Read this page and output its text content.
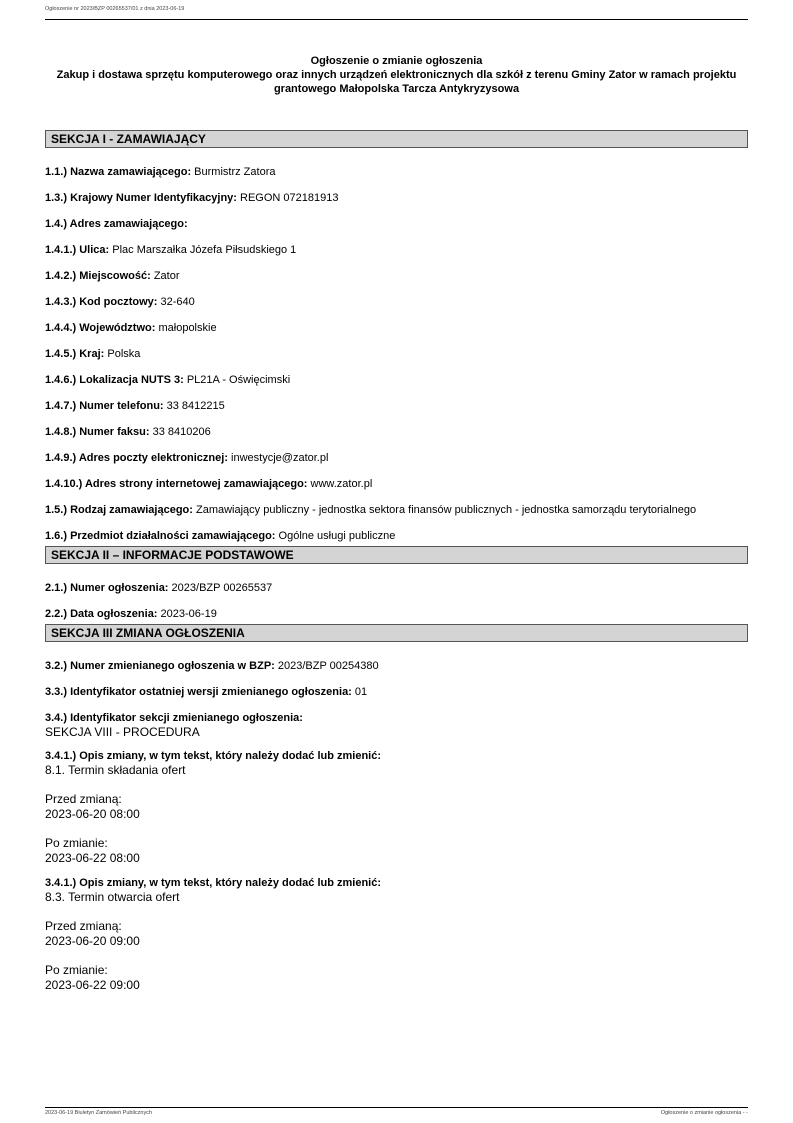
Ogłoszenie nr 2023/BZP 00265537/01 z dnia 2023-06-19
Ogłoszenie o zmianie ogłoszenia
Zakup i dostawa sprzętu komputerowego oraz innych urządzeń elektronicznych dla szkół z terenu Gminy Zator w ramach projektu grantowego Małopolska Tarcza Antykryzysowa
SEKCJA I - ZAMAWIAJĄCY
1.1.) Nazwa zamawiającego: Burmistrz Zatora
1.3.) Krajowy Numer Identyfikacyjny: REGON 072181913
1.4.) Adres zamawiającego:
1.4.1.) Ulica: Plac Marszałka Józefa Piłsudskiego 1
1.4.2.) Miejscowość: Zator
1.4.3.) Kod pocztowy: 32-640
1.4.4.) Województwo: małopolskie
1.4.5.) Kraj: Polska
1.4.6.) Lokalizacja NUTS 3: PL21A - Oświęcimski
1.4.7.) Numer telefonu: 33 8412215
1.4.8.) Numer faksu: 33 8410206
1.4.9.) Adres poczty elektronicznej: inwestycje@zator.pl
1.4.10.) Adres strony internetowej zamawiającego: www.zator.pl
1.5.) Rodzaj zamawiającego: Zamawiający publiczny - jednostka sektora finansów publicznych - jednostka samorządu terytorialnego
1.6.) Przedmiot działalności zamawiającego: Ogólne usługi publiczne
SEKCJA II – INFORMACJE PODSTAWOWE
2.1.) Numer ogłoszenia: 2023/BZP 00265537
2.2.) Data ogłoszenia: 2023-06-19
SEKCJA III ZMIANA OGŁOSZENIA
3.2.) Numer zmienianego ogłoszenia w BZP: 2023/BZP 00254380
3.3.) Identyfikator ostatniej wersji zmienianego ogłoszenia: 01
3.4.) Identyfikator sekcji zmienianego ogłoszenia:
SEKCJA VIII - PROCEDURA
3.4.1.) Opis zmiany, w tym tekst, który należy dodać lub zmienić:
8.1. Termin składania ofert
Przed zmianą:
2023-06-20 08:00
Po zmianie:
2023-06-22 08:00
3.4.1.) Opis zmiany, w tym tekst, który należy dodać lub zmienić:
8.3. Termin otwarcia ofert
Przed zmianą:
2023-06-20 09:00
Po zmianie:
2023-06-22 09:00
2023-06-19 Biuletyn Zamówień Publicznych	Ogłoszenie o zmianie ogłoszenia - -
